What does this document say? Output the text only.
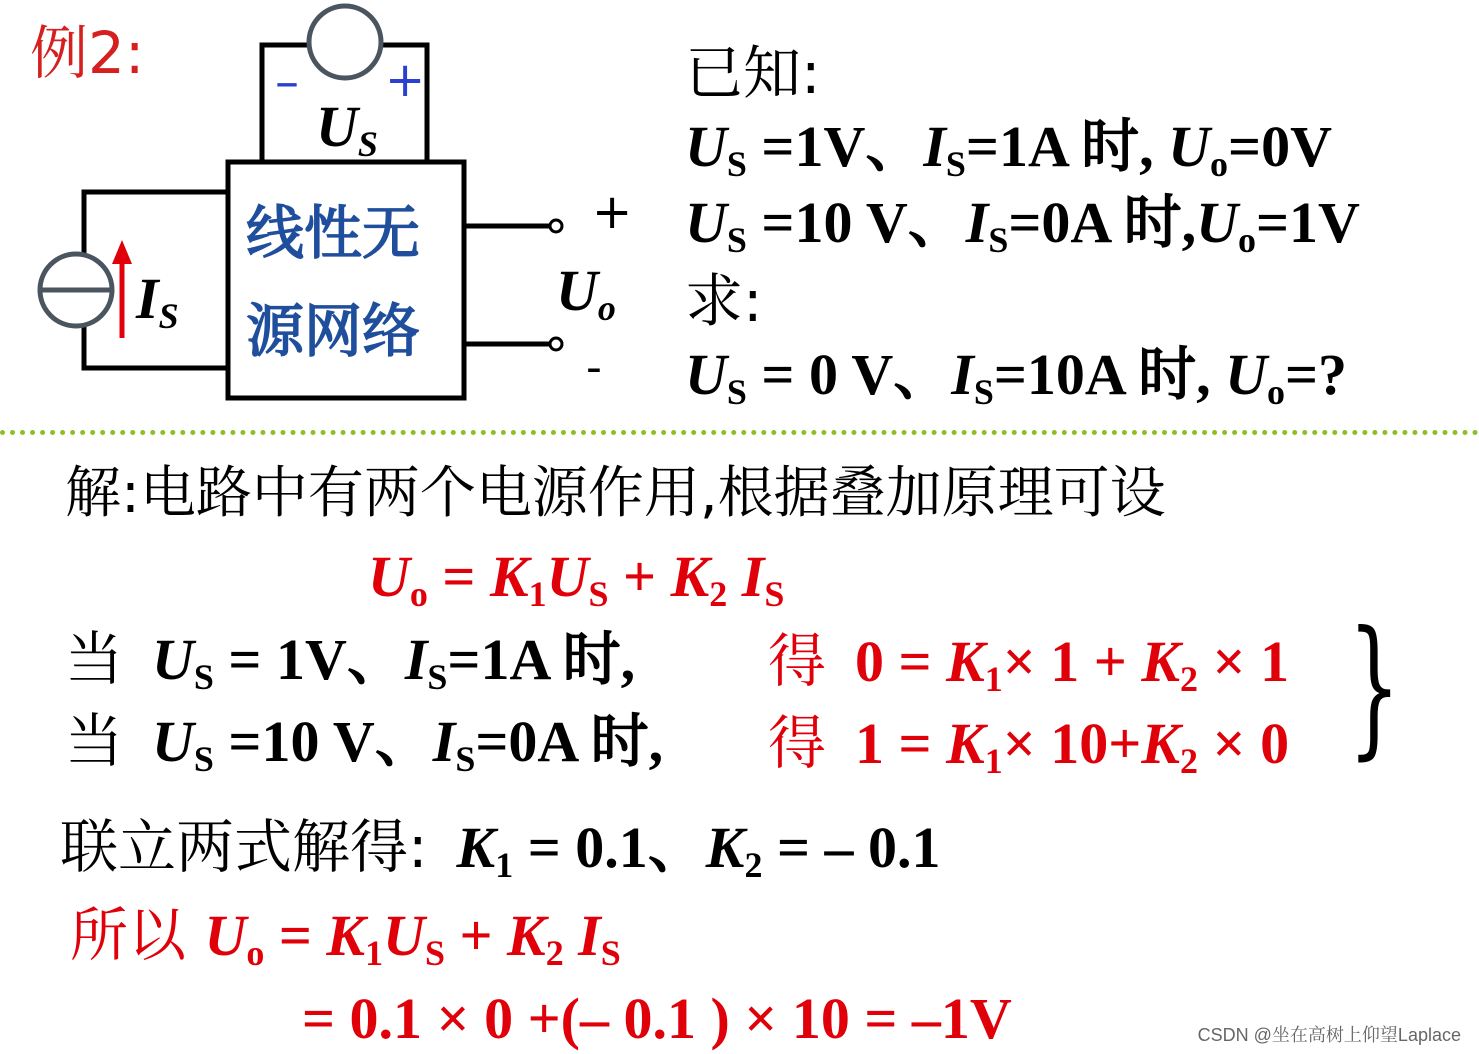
例2:	– +
$U_S$
$I_S$
线性无
源网络
+
$U_o$
-
已知:
$U_S =1V$、$I_S=1A$ 时, $U_o=0V$
$U_S =10$ V、$I_S=0A$ 时$,U_o=1V$
求:
$U_S = 0$ V、$I_S=10A$ 时, $U_o=$?
解:电路中有两个电源作用,根据叠加原理可设
$U_o = K_1U_S + K_2$ $I_S$
当 $U_S = 1V$、$I_S=1A$ 时, 得 $0 = K_1\times 1 + K_2 \times 1$
当 $U_S =10$ V、$I_S=0A$ 时, 得 $1 = K_1\times 10+K_2 \times 0$ }
联立两式解得: $K_1 = 0.1$、$K_2$ = – 0.1
所以 $U_o = K_1U_S + K_2$ $I_S$
= 0.1 × 0 +(– 0.1 ) × 10 = –1V	CSDN @坐在高树上仰望Laplace
